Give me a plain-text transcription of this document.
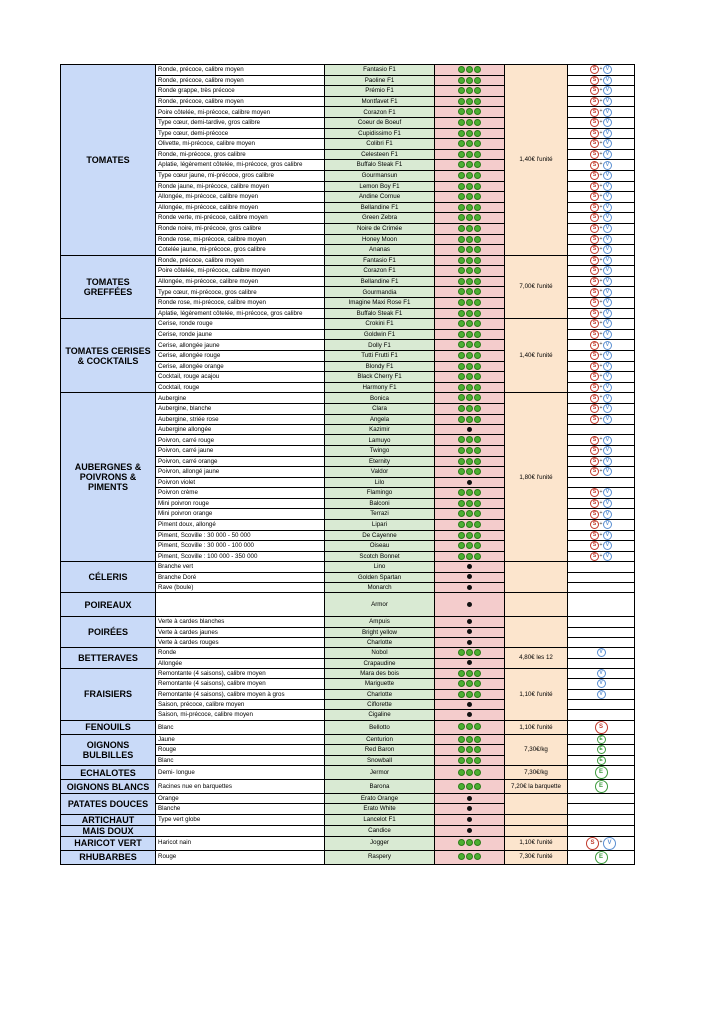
TOMATES	Ronde, précoce, calibre moyen	Fantasio F1		1,40€ l'unité	S + V
	Ronde, précoce, calibre moyen	Paoline F1			S + V
	Ronde grappe, très précoce	Prémio F1			S + V
	Ronde, précoce, calibre moyen	Montfavet F1			S + V
	Poire côtelée, mi-précoce, calibre moyen	Corazon F1			S + V
	Type cœur, demi-tardive, gros calibre	Coeur de Boeuf			S + V
	Type cœur, demi-précoce	Cupidissimo F1			S + V
	Olivette, mi-précoce, calibre moyen	Colibri F1			S + V
	Ronde, mi-précoce, gros calibre	Celesteen F1			S + V
	Aplatie, légèrement côtelée, mi-précoce, gros calibre	Buffalo Steak F1			S + V
	Type cœur jaune, mi-précoce, gros calibre	Gourmansun			S + V
	Ronde jaune, mi-précoce, calibre moyen	Lemon Boy F1			S + V
	Allongée, mi-précoce, calibre moyen	Andine Cornue			S + V
	Allongée, mi-précoce, calibre moyen	Bellandine F1			S + V
	Ronde verte, mi-précoce, calibre moyen	Green Zebra			S + V
	Ronde noire, mi-précoce, gros calibre	Noire de Crimée			S + V
	Ronde rose, mi-précoce, calibre moyen	Honey Moon			S + V
	Cotelée jaune, mi-précoce, gros calibre	Ananas			S + V
TOMATES GREFFÉES	Ronde, précoce, calibre moyen	Fantasio F1		7,00€ l'unité	S + V
	Poire côtelée, mi-précoce, calibre moyen	Corazon F1			S + V
	Allongée, mi-précoce, calibre moyen	Bellandine F1			S + V
	Type cœur, mi-précoce, gros calibre	Gourmandia			S + V
	Ronde rose, mi-précoce, calibre moyen	Imagine Maxi Rose F1			S + V
	Aplatie, légèrement côtelée, mi-précoce, gros calibre	Buffalo Steak F1			S + V
TOMATES CERISES & COCKTAILS	Cerise, ronde rouge	Crokini F1		1,40€ l'unité	S + V
	Cerise, ronde jaune	Goldwin F1			S + V
	Cerise, allongée jaune	Dolly F1			S + V
	Cerise, allongée rouge	Tutti Frutti F1			S + V
	Cerise, allongée orange	Blondy F1			S + V
	Cocktail, rouge acajou	Black Cherry F1			S + V
	Cocktail, rouge	Harmony F1			S + V
AUBERGNES & POIVRONS & PIMENTS	Aubergine	Bonica		1,80€ l'unité	S + V
	Aubergine, blanche	Clara			S + V
	Aubergine, striée rose	Angela			S + V
	Aubergine allongée	Kazimir			
	Poivron, carré rouge	Lamuyo			S + V
	Poivron, carré jaune	Twingo			S + V
	Poivron, carré orange	Eternity			S + V
	Poivron, allongé jaune	Valdor			S + V
	Poivron violet	Lilo			
	Poivron crème	Flamingo			S + V
	Mini poivron rouge	Balconi			S + V
	Mini poivron orange	Terrazi			S + V
	Piment doux, allongé	Lipari			S + V
	Piment, Scoville : 30 000 - 50 000	De Cayenne			S + V
	Piment, Scoville : 30 000 - 100 000	Oiseau			S + V
	Piment, Scoville : 100 000 - 350 000	Scotch Bonnet			S + V
CÉLERIS	Branche vert	Lino			
	Branche Doré	Golden Spartan			
	Rave (boule)	Monarch			
POIREAUX		Armor			
POIRÉES	Verte à cardes blanches	Ampuis			
	Verte à cardes jaunes	Bright yellow			
	Verte à cardes rouges	Charlotte			
BETTERAVES	Ronde	Nobol		4,80€ les 12	V
	Allongée	Crapaudine			
FRAISIERS	Remontante (4 saisons), calibre moyen	Mara des bois		1,10€ l'unité	V
	Remontante (4 saisons), calibre moyen	Mariguette			V
	Remontante (4 saisons), calibre moyen à gros	Charlotte			V
	Saison, précoce, calibre moyen	Ciflorette			
	Saison, mi-précoce, calibre moyen	Cigaline			
FENOUILS	Blanc	Bellotto		1,10€ l'unité	S
OIGNONS BULBILLES	Jaune	Centurion		7,30€/kg	E
	Rouge	Red Baron			E
	Blanc	Snowball			E
ECHALOTES	Demi- longue	Jermor		7,30€/kg	E
OIGNONS BLANCS	Racines nue en barquettes	Barona		7,20€ la barquette	E
PATATES DOUCES	Orange	Erato Orange			
	Blanche	Erato White			
ARTICHAUT	Type vert globe	Lancelot F1			
MAIS DOUX		Candice			
HARICOT VERT	Haricot nain	Jogger		1,10€ l'unité	S + V
RHUBARBES	Rouge	Raspery		7,30€ l'unité	E
